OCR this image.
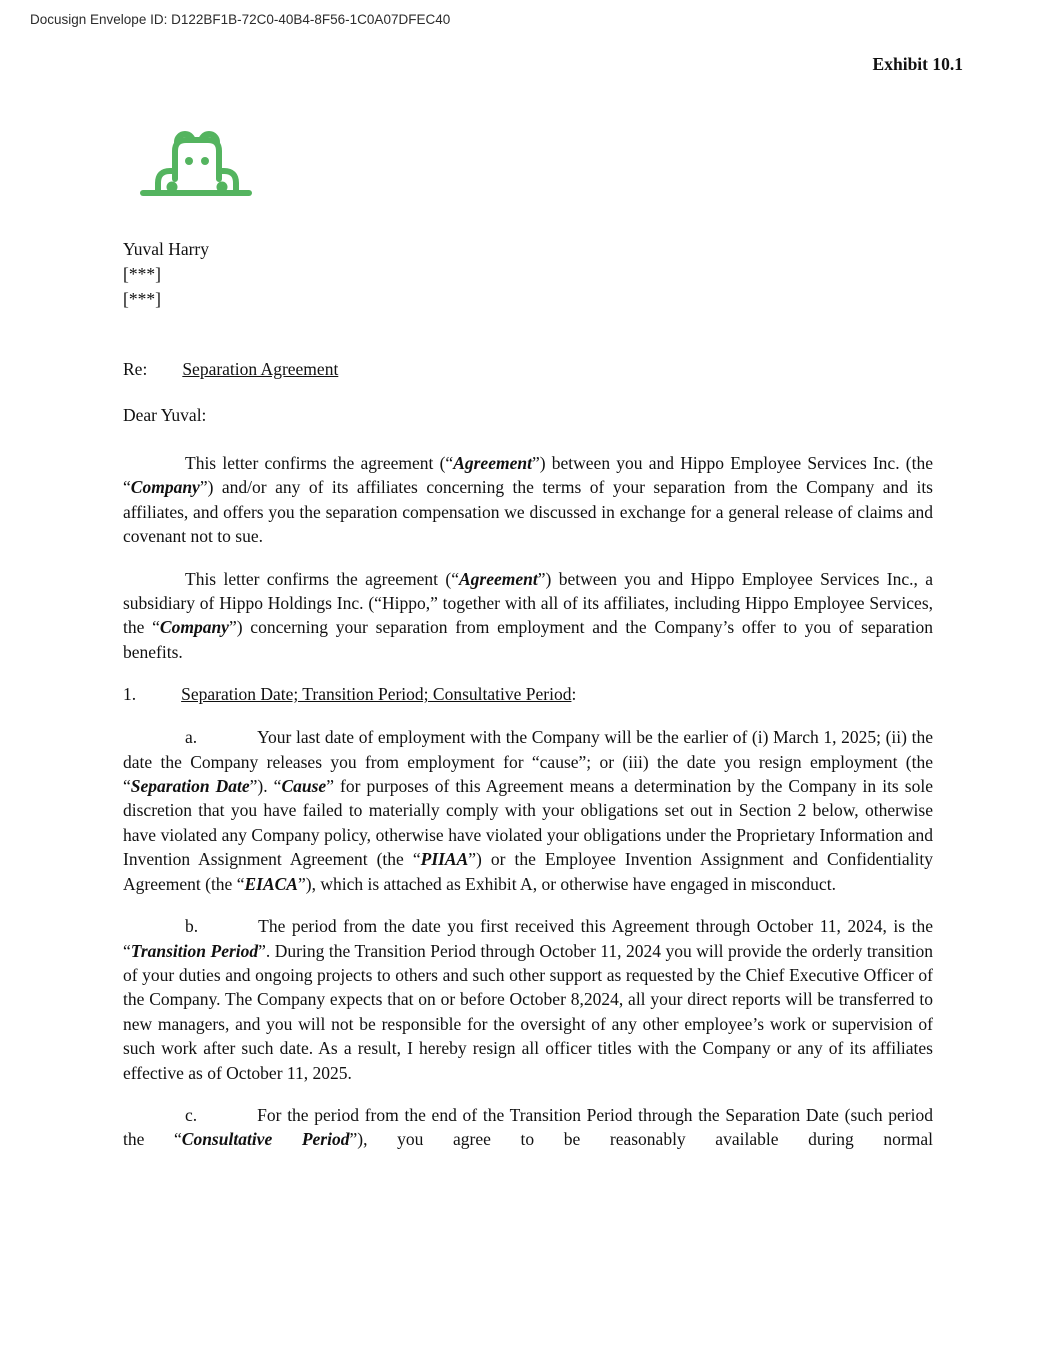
Docusign Envelope ID: D122BF1B-72C0-40B4-8F56-1C0A07DFEC40
Exhibit 10.1
Yuval Harry
[***]
[***]
Re: Separation Agreement
Dear Yuval:

This letter confirms the agreement (“Agreement”) between you and Hippo Employee Services Inc. (the “Company”) and/or any of its affiliates concerning the terms of your separation from the Company and its affiliates, and offers you the separation compensation we discussed in exchange for a general release of claims and covenant not to sue.

This letter confirms the agreement (“Agreement”) between you and Hippo Employee Services Inc., a subsidiary of Hippo Holdings Inc. (“Hippo,” together with all of its affiliates, including Hippo Employee Services, the “Company”) concerning your separation from employment and the Company’s offer to you of separation benefits.

1.	Separation Date; Transition Period; Consultative Period:

a.	Your last date of employment with the Company will be the earlier of (i) March 1, 2025; (ii) the date the Company releases you from employment for “cause”; or (iii) the date you resign employment (the “Separation Date”). “Cause” for purposes of this Agreement means a determination by the Company in its sole discretion that you have failed to materially comply with your obligations set out in Section 2 below, otherwise have violated any Company policy, otherwise have violated your obligations under the Proprietary Information and Invention Assignment Agreement (the “PIIAA”) or the Employee Invention Assignment and Confidentiality Agreement (the “EIACA”), which is attached as Exhibit A, or otherwise have engaged in misconduct.

b.	The period from the date you first received this Agreement through October 11, 2024, is the “Transition Period”. During the Transition Period through October 11, 2024 you will provide the orderly transition of your duties and ongoing projects to others and such other support as requested by the Chief Executive Officer of the Company. The Company expects that on or before October 8,2024, all your direct reports will be transferred to new managers, and you will not be responsible for the oversight of any other employee’s work or supervision of such work after such date. As a result, I hereby resign all officer titles with the Company or any of its affiliates effective as of October 11, 2025.

c.	For the period from the end of the Transition Period through the Separation Date (such period the “Consultative Period”), you agree to be reasonably available during normal
